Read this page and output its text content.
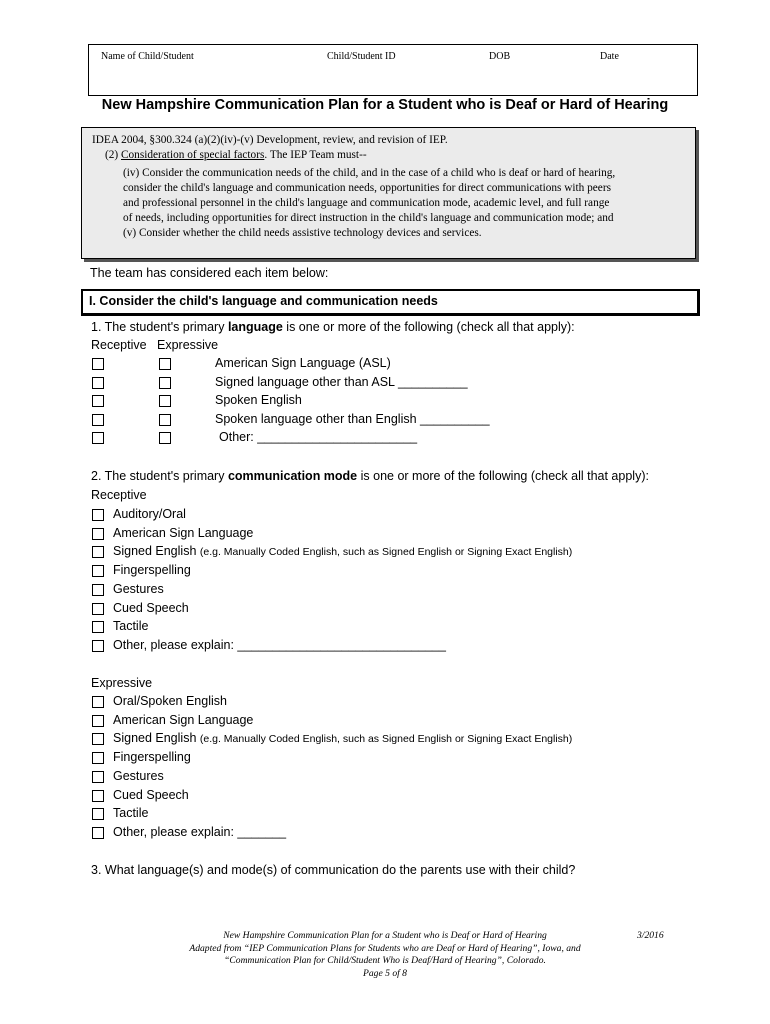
Name of Child/Student	Child/Student ID	DOB	Date
New Hampshire Communication Plan for a Student who is Deaf or Hard of Hearing
IDEA 2004, §300.324 (a)(2)(iv)-(v) Development, review, and revision of IEP.
(2) Consideration of special factors. The IEP Team must--
(iv) Consider the communication needs of the child, and in the case of a child who is deaf or hard of hearing,
consider the child's language and communication needs, opportunities for direct communications with peers
and professional personnel in the child's language and communication mode, academic level, and full range
of needs, including opportunities for direct instruction in the child's language and communication mode; and
(v) Consider whether the child needs assistive technology devices and services.
The team has considered each item below:
I. Consider the child's language and communication needs
1. The student's primary language is one or more of the following (check all that apply):
Receptive Expressive
American Sign Language (ASL)
Signed language other than ASL __________
Spoken English
Spoken language other than English __________
Other: _______________________
2. The student's primary communication mode is one or more of the following (check all that apply):
Receptive
Auditory/Oral
American Sign Language
Signed English (e.g. Manually Coded English, such as Signed English or Signing Exact English)
Fingerspelling
Gestures
Cued Speech
Tactile
Other, please explain: ______________________________
Expressive
Oral/Spoken English
American Sign Language
Signed English (e.g. Manually Coded English, such as Signed English or Signing Exact English)
Fingerspelling
Gestures
Cued Speech
Tactile
Other, please explain: _______
3. What language(s) and mode(s) of communication do the parents use with their child?
New Hampshire Communication Plan for a Student who is Deaf or Hard of Hearing
Adapted from “IEP Communication Plans for Students who are Deaf or Hard of Hearing”, Iowa, and
“Communication Plan for Child/Student Who is Deaf/Hard of Hearing”, Colorado.
Page 5 of 8
3/2016
